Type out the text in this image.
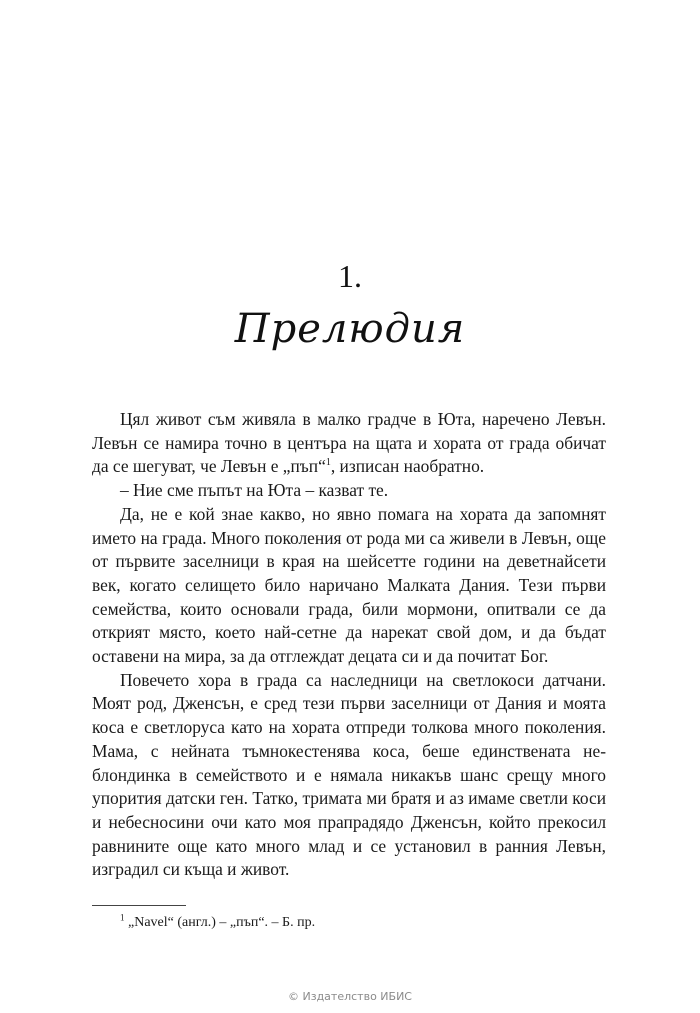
1.
Прелюдия

Цял живот съм живяла в малко градче в Юта, наречено Левън. Левън се намира точно в центъра на щата и хората от града обичат да се шегуват, че Левън е „пъп“$^1$, изписан наобратно.

– Ние сме пъпът на Юта – казват те.

Да, не е кой знае какво, но явно помага на хората да запомнят името на града. Много поколения от рода ми са живели в Левън, още от първите заселници в края на шейсетте години на деветнайсети век, когато селището било наричано Малката Дания. Тези първи семейства, които основали града, били мормони, опитвали се да открият място, което най-сетне да нарекат свой дом, и да бъдат оставени на мира, за да отглеждат децата си и да почитат Бог.

Повечето хора в града са наследници на светлокоси датчани. Моят род, Дженсън, е сред тези първи заселници от Дания и моята коса е светлоруса като на хората отпреди толкова много поколения. Мама, с нейната тъмнокестенява коса, беше единствената не-блондинка в семейството и е нямала никакъв шанс срещу много упорития датски ген. Татко, тримата ми братя и аз имаме светли коси и небесносини очи като моя прапрадядо Дженсън, който прекосил равнините още като много млад и се установил в ранния Левън, изградил си къща и живот.

$^1$ „Navel“ (англ.) – „пъп“. – Б. пр.
© Издателство ИБИС
